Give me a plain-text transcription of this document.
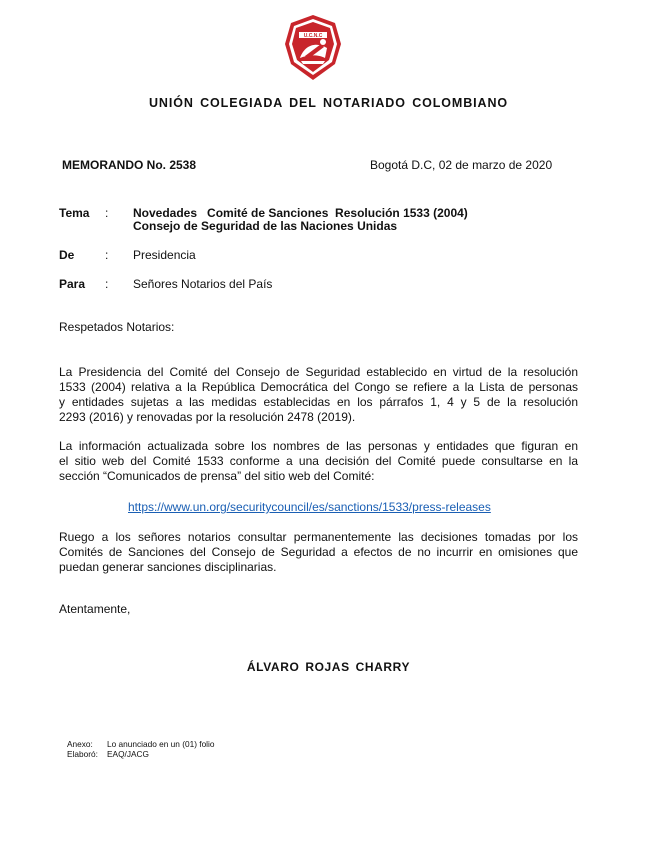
U.C.N.C
UNIÓN COLEGIADA DEL NOTARIADO COLOMBIANO
MEMORANDO No. 2538	Bogotá D.C, 02 de marzo de 2020
Tema : Novedades   Comité de Sanciones  Resolución 1533 (2004)
Consejo de Seguridad de las Naciones Unidas
De	: Presidencia
Para : Señores Notarios del País
Respetados Notarios:
La Presidencia del Comité del Consejo de Seguridad establecido en virtud de la resolución
1533 (2004) relativa a la República Democrática del Congo se refiere a la Lista de personas
y entidades sujetas a las medidas establecidas en los párrafos 1, 4 y 5 de la resolución
2293 (2016) y renovadas por la resolución 2478 (2019).
La información actualizada sobre los nombres de las personas y entidades que figuran en
el sitio web del Comité 1533 conforme a una decisión del Comité puede consultarse en la
sección “Comunicados de prensa” del sitio web del Comité:
https://www.un.org/securitycouncil/es/sanctions/1533/press-releases
Ruego a los señores notarios consultar permanentemente las decisiones tomadas por los
Comités de Sanciones del Consejo de Seguridad a efectos de no incurrir en omisiones que
puedan generar sanciones disciplinarias.
Atentamente,
ÁLVARO ROJAS CHARRY
Anexo: Lo anunciado en un (01) folio
Elaboró: EAQ/JACG
